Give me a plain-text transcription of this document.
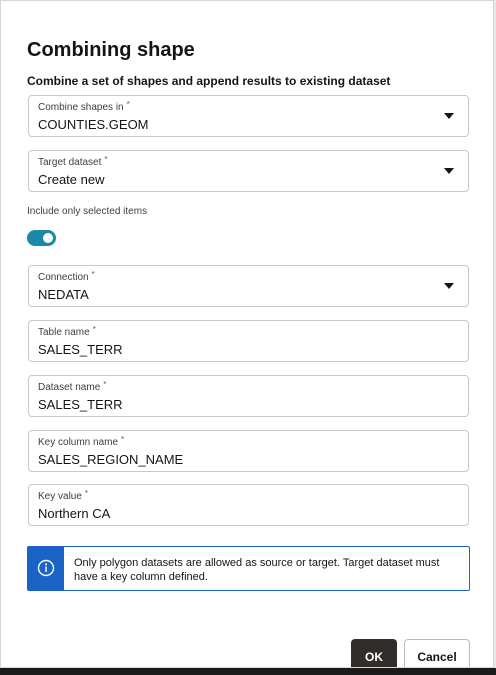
Combining shape
Combine a set of shapes and append results to existing dataset
Combine shapes in *
COUNTIES.GEOM
Target dataset *
Create new
Include only selected items
Connection *
NEDATA
Table name *
SALES_TERR
Dataset name *
SALES_TERR
Key column name *
SALES_REGION_NAME
Key value *
Northern CA
Only polygon datasets are allowed as source or target. Target dataset must have a key column defined.
OK	Cancel
